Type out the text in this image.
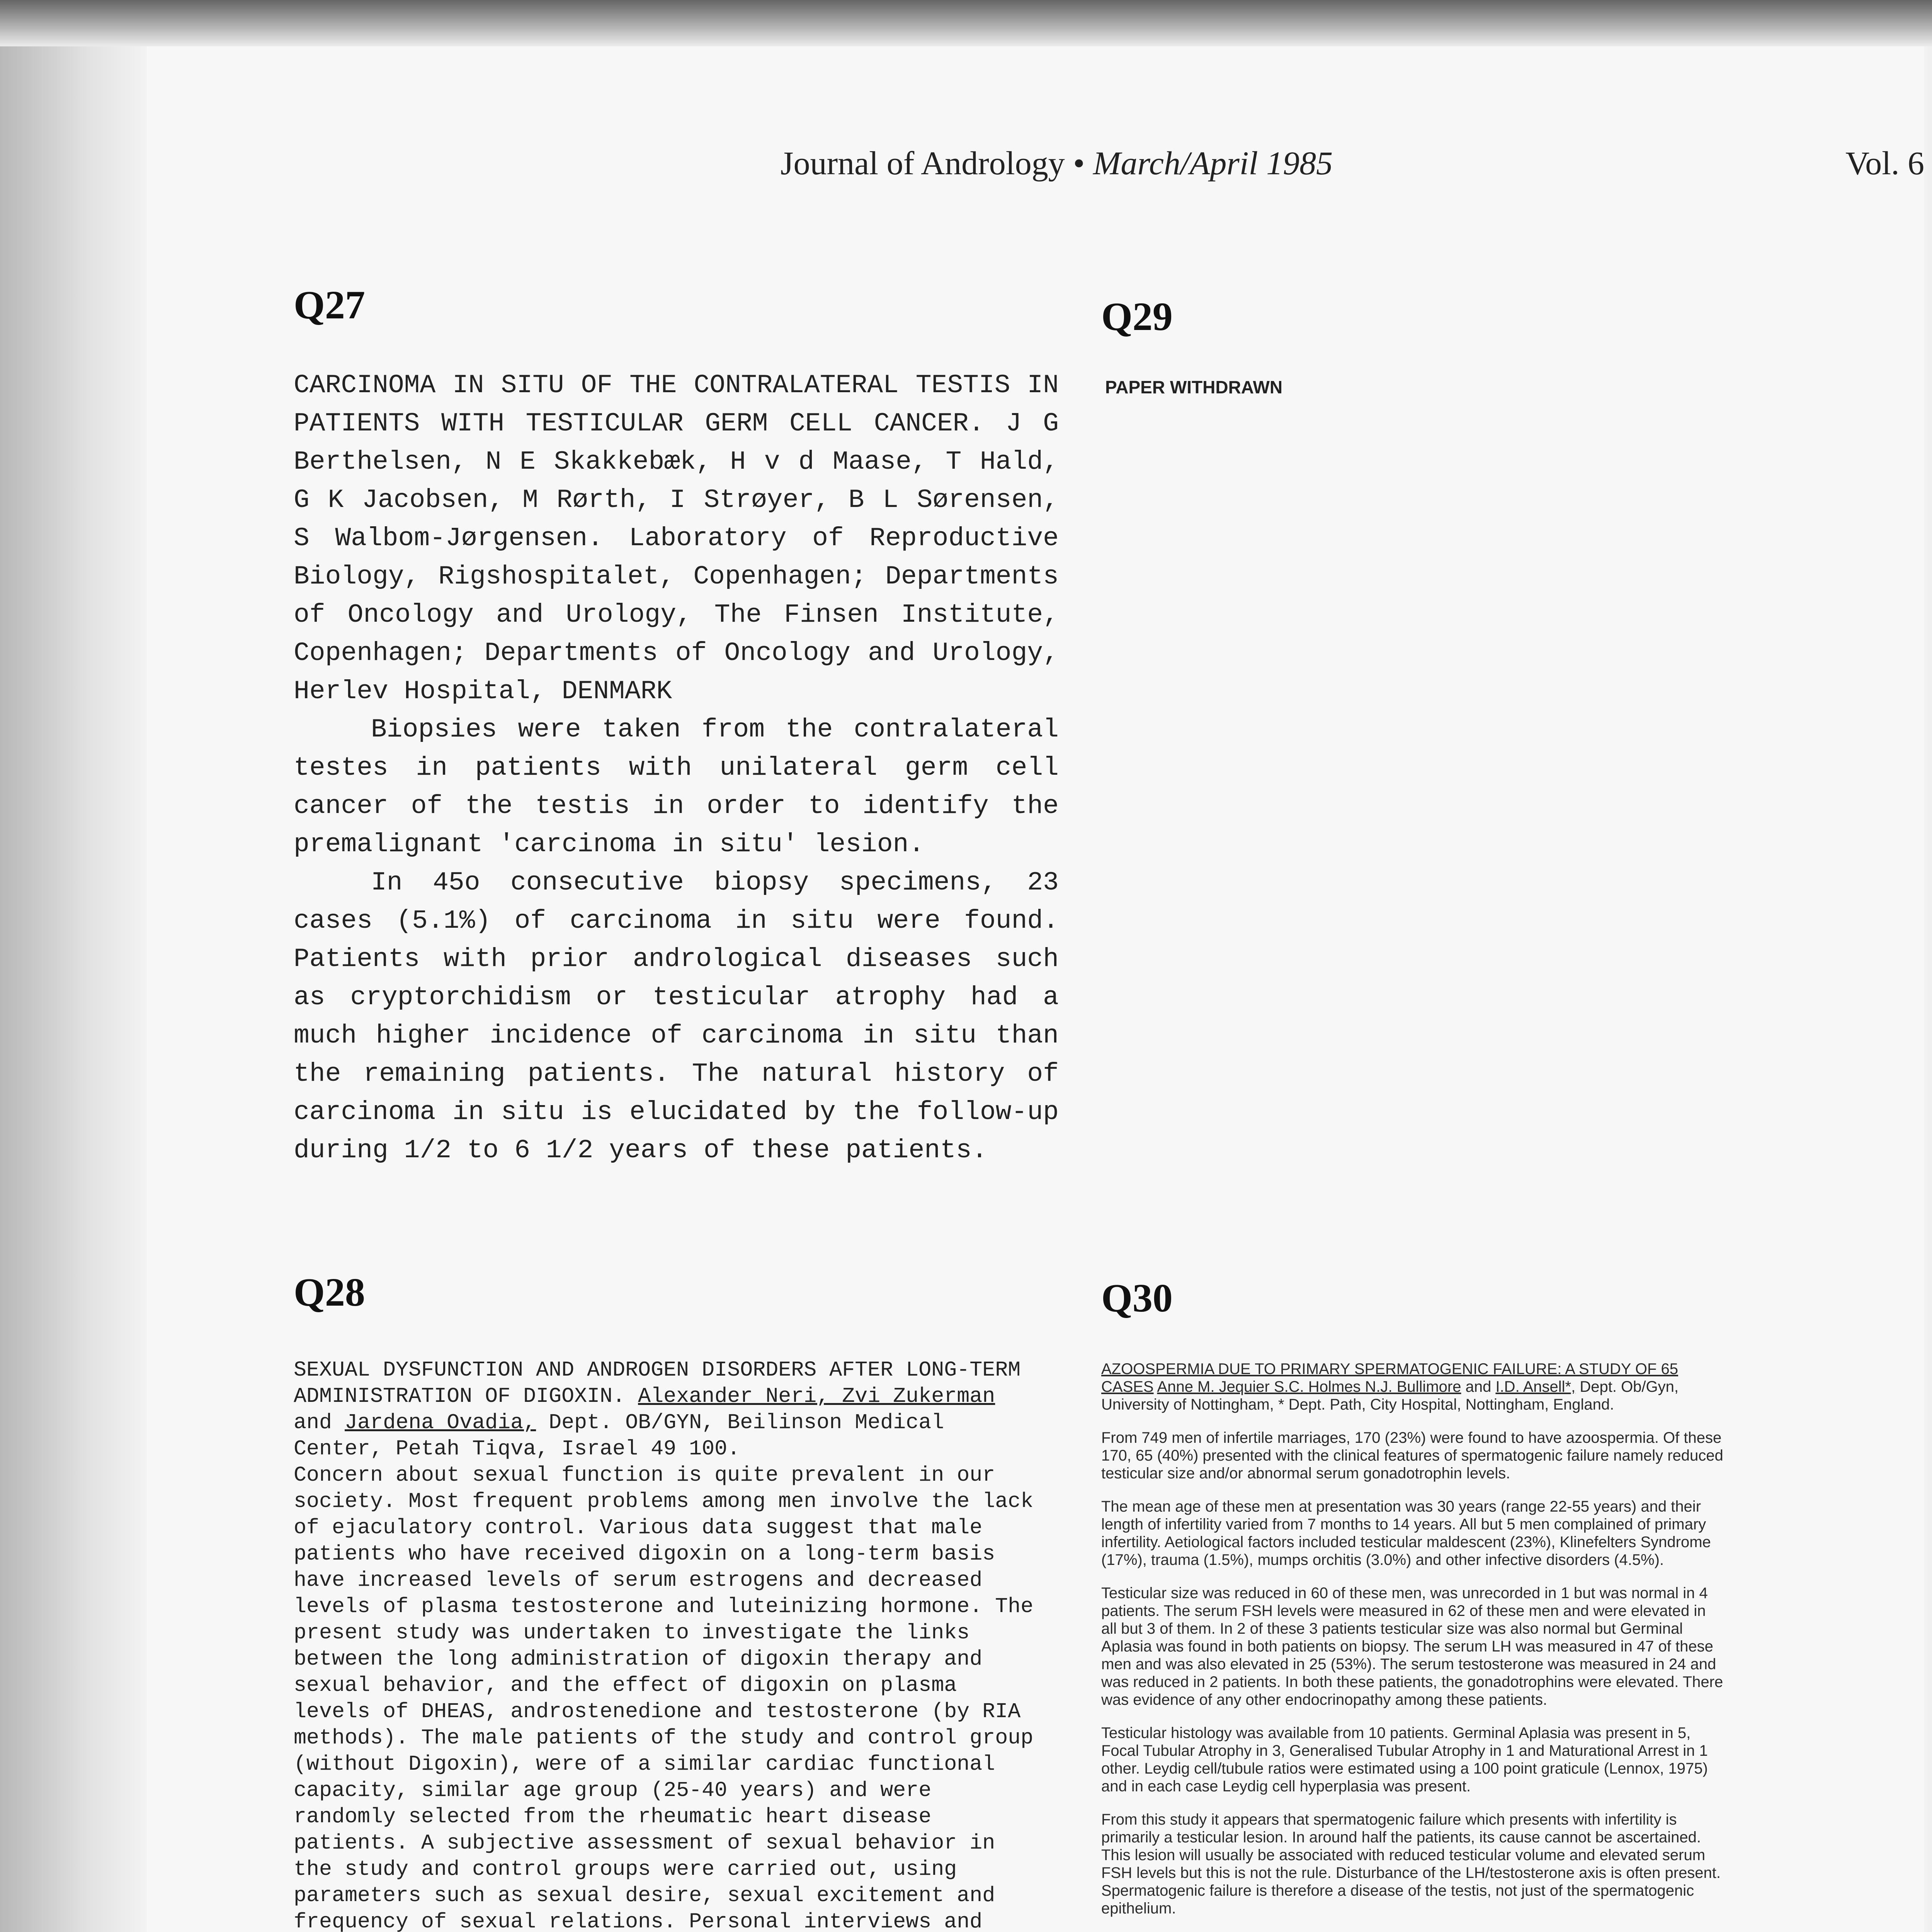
Journal of Andrology • March/April 1985	Vol. 6
Q27

CARCINOMA IN SITU OF THE CONTRALATERAL TESTIS IN PATIENTS WITH TESTICULAR GERM CELL CANCER. J G Berthelsen, N E Skakkebæk, H v d Maase, T Hald, G K Jacobsen, M Rørth, I Strøyer, B L Sørensen, S Walbom-Jørgensen. Laboratory of Reproductive Biology, Rigshospitalet, Copenhagen; Departments of Oncology and Urology, The Finsen Institute, Copenhagen; Departments of Oncology and Urology, Herlev Hospital, DENMARK

Biopsies were taken from the contralateral testes in patients with unilateral germ cell cancer of the testis in order to identify the premalignant 'carcinoma in situ' lesion.

In 45o consecutive biopsy specimens, 23 cases (5.1%) of carcinoma in situ were found. Patients with prior andrological diseases such as cryptorchidism or testicular atrophy had a much higher incidence of carcinoma in situ than the remaining patients. The natural history of carcinoma in situ is elucidated by the follow-up during 1/2 to 6 1/2 years of these patients.

Q29
PAPER WITHDRAWN
Q28

SEXUAL DYSFUNCTION AND ANDROGEN DISORDERS AFTER LONG-TERM ADMINISTRATION OF DIGOXIN. Alexander Neri, Zvi Zukerman and Jardena Ovadia, Dept. OB/GYN, Beilinson Medical Center, Petah Tiqva, Israel 49 100.

Concern about sexual function is quite prevalent in our society. Most frequent problems among men involve the lack of ejaculatory control. Various data suggest that male patients who have received digoxin on a long-term basis have increased levels of serum estrogens and decreased levels of plasma testosterone and luteinizing hormone. The present study was undertaken to investigate the links between the long administration of digoxin therapy and sexual behavior, and the effect of digoxin on plasma levels of DHEAS, androstenedione and testosterone (by RIA methods). The male patients of the study and control group (without Digoxin), were of a similar cardiac functional capacity, similar age group (25-40 years) and were randomly selected from the rheumatic heart disease patients. A subjective assessment of sexual behavior in the study and control groups were carried out, using parameters such as sexual desire, sexual excitement and frequency of sexual relations. Personal interviews and

Q30

AZOOSPERMIA DUE TO PRIMARY SPERMATOGENIC FAILURE: A STUDY OF 65 CASES Anne M. Jequier S.C. Holmes N.J. Bullimore and I.D. Ansell*, Dept. Ob/Gyn, University of Nottingham, * Dept. Path, City Hospital, Nottingham, England.

From 749 men of infertile marriages, 170 (23%) were found to have azoospermia. Of these 170, 65 (40%) presented with the clinical features of spermatogenic failure namely reduced testicular size and/or abnormal serum gonadotrophin levels.

The mean age of these men at presentation was 30 years (range 22-55 years) and their length of infertility varied from 7 months to 14 years. All but 5 men complained of primary infertility. Aetiological factors included testicular maldescent (23%), Klinefelters Syndrome (17%), trauma (1.5%), mumps orchitis (3.0%) and other infective disorders (4.5%).

Testicular size was reduced in 60 of these men, was unrecorded in 1 but was normal in 4 patients. The serum FSH levels were measured in 62 of these men and were elevated in all but 3 of them. In 2 of these 3 patients testicular size was also normal but Germinal Aplasia was found in both patients on biopsy. The serum LH was measured in 47 of these men and was also elevated in 25 (53%). The serum testosterone was measured in 24 and was reduced in 2 patients. In both these patients, the gonadotrophins were elevated. There was evidence of any other endocrinopathy among these patients.

Testicular histology was available from 10 patients. Germinal Aplasia was present in 5, Focal Tubular Atrophy in 3, Generalised Tubular Atrophy in 1 and Maturational Arrest in 1 other. Leydig cell/tubule ratios were estimated using a 100 point graticule (Lennox, 1975) and in each case Leydig cell hyperplasia was present.

From this study it appears that spermatogenic failure which presents with infertility is primarily a testicular lesion. In around half the patients, its cause cannot be ascertained. This lesion will usually be associated with reduced testicular volume and elevated serum FSH levels but this is not the rule. Disturbance of the LH/testosterone axis is often present. Spermatogenic failure is therefore a disease of the testis, not just of the spermatogenic epithelium.
